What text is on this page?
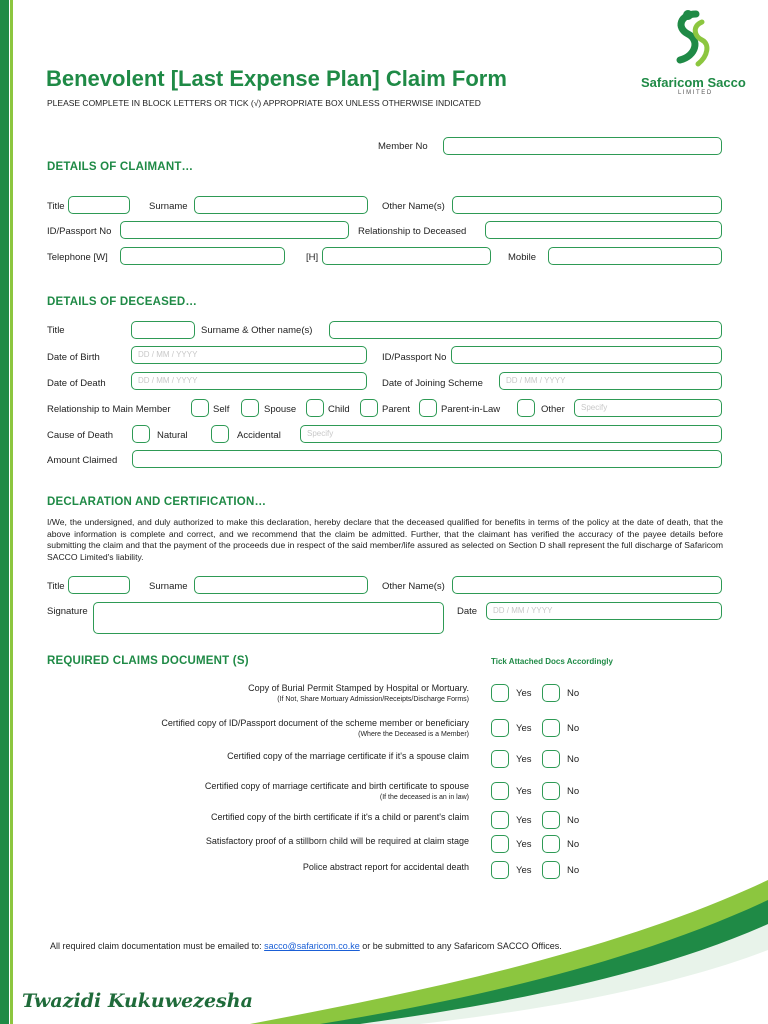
Benevolent [Last Expense Plan] Claim Form
PLEASE COMPLETE IN BLOCK LETTERS OR TICK (√) APPROPRIATE BOX UNLESS OTHERWISE INDICATED
Safaricom Sacco
L I M I T E D
Member No
DETAILS OF CLAIMANT…
Title	Surname	Other Name(s)
ID/Passport No	Relationship to Deceased
Telephone [W]	[H]	Mobile
DETAILS OF DECEASED…
Title	Surname & Other name(s)
Date of Birth	DD / MM / YYYY	ID/Passport No
Date of Death	DD / MM / YYYY	Date of Joining Scheme	DD / MM / YYYY
Relationship to Main Member	Self	Spouse	Child	Parent	Parent-in-Law	Other Specify
Cause of Death	Natural	Accidental	Specify
Amount Claimed
DECLARATION AND CERTIFICATION…
I/We, the undersigned, and duly authorized to make this declaration, hereby declare that the deceased qualified for benefits in terms of the policy at the date of death, that the above information is complete and correct, and we recommend that the claim be admitted. Further, that the claimant has verified the accuracy of the payee details before submitting the claim and that the payment of the proceeds due in respect of the said member/life assured as selected on Section D shall represent the full discharge of Safaricom SACCO Limited's liability.
Title	Surname	Other Name(s)
Signature	Date DD / MM / YYYY
REQUIRED CLAIMS DOCUMENT (S)	Tick Attached Docs Accordingly
Copy of Burial Permit Stamped by Hospital or Mortuary.
(If Not, Share Mortuary Admission/Receipts/Discharge Forms)
Yes	No
Certified copy of ID/Passport document of the scheme member or beneficiary
(Where the Deceased is a Member)
Yes	No
Certified copy of the marriage certificate if it's a spouse claim	Yes	No
Certified copy of marriage certificate and birth certificate to spouse
(If the deceased is an in law)
Yes	No
Certified copy of the birth certificate if it's a child or parent's claim	Yes	No
Satisfactory proof of a stillborn child will be required at claim stage	Yes	No
Police abstract report for accidental death	Yes	No
All required claim documentation must be emailed to: sacco@safaricom.co.ke or be submitted to any Safaricom SACCO Offices.
Twazidi Kukuwezesha
